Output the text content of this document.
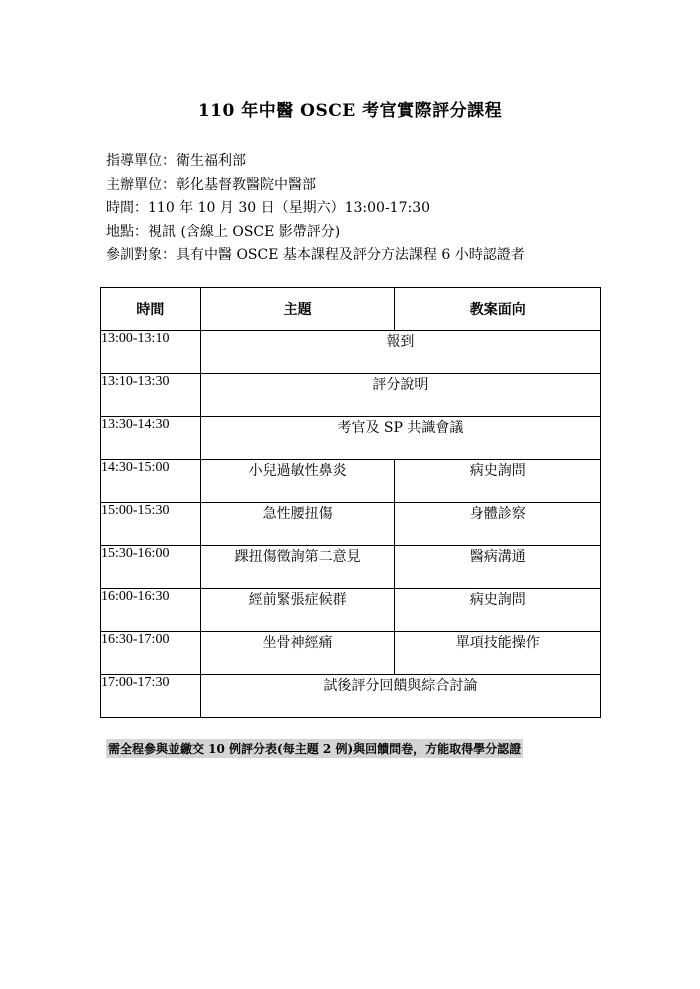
110 年中醫 OSCE 考官實際評分課程
指導單位：衛生福利部
主辦單位：彰化基督教醫院中醫部
時間：110 年 10 月 30 日（星期六）13:00-17:30
地點：視訊 (含線上 OSCE 影帶評分)
參訓對象：具有中醫 OSCE 基本課程及評分方法課程 6 小時認證者
時間	主題	教案面向
13:00-13:10	報到	
13:10-13:30	評分說明	
13:30-14:30	考官及 SP 共識會議	
14:30-15:00	小兒過敏性鼻炎	病史詢問
15:00-15:30	急性腰扭傷	身體診察
15:30-16:00	踝扭傷徵詢第二意見	醫病溝通
16:00-16:30	經前緊張症候群	病史詢問
16:30-17:00	坐骨神經痛	單項技能操作
17:00-17:30	試後評分回饋與綜合討論	
需全程參與並繳交 10 例評分表(每主題 2 例)與回饋問卷，方能取得學分認證
